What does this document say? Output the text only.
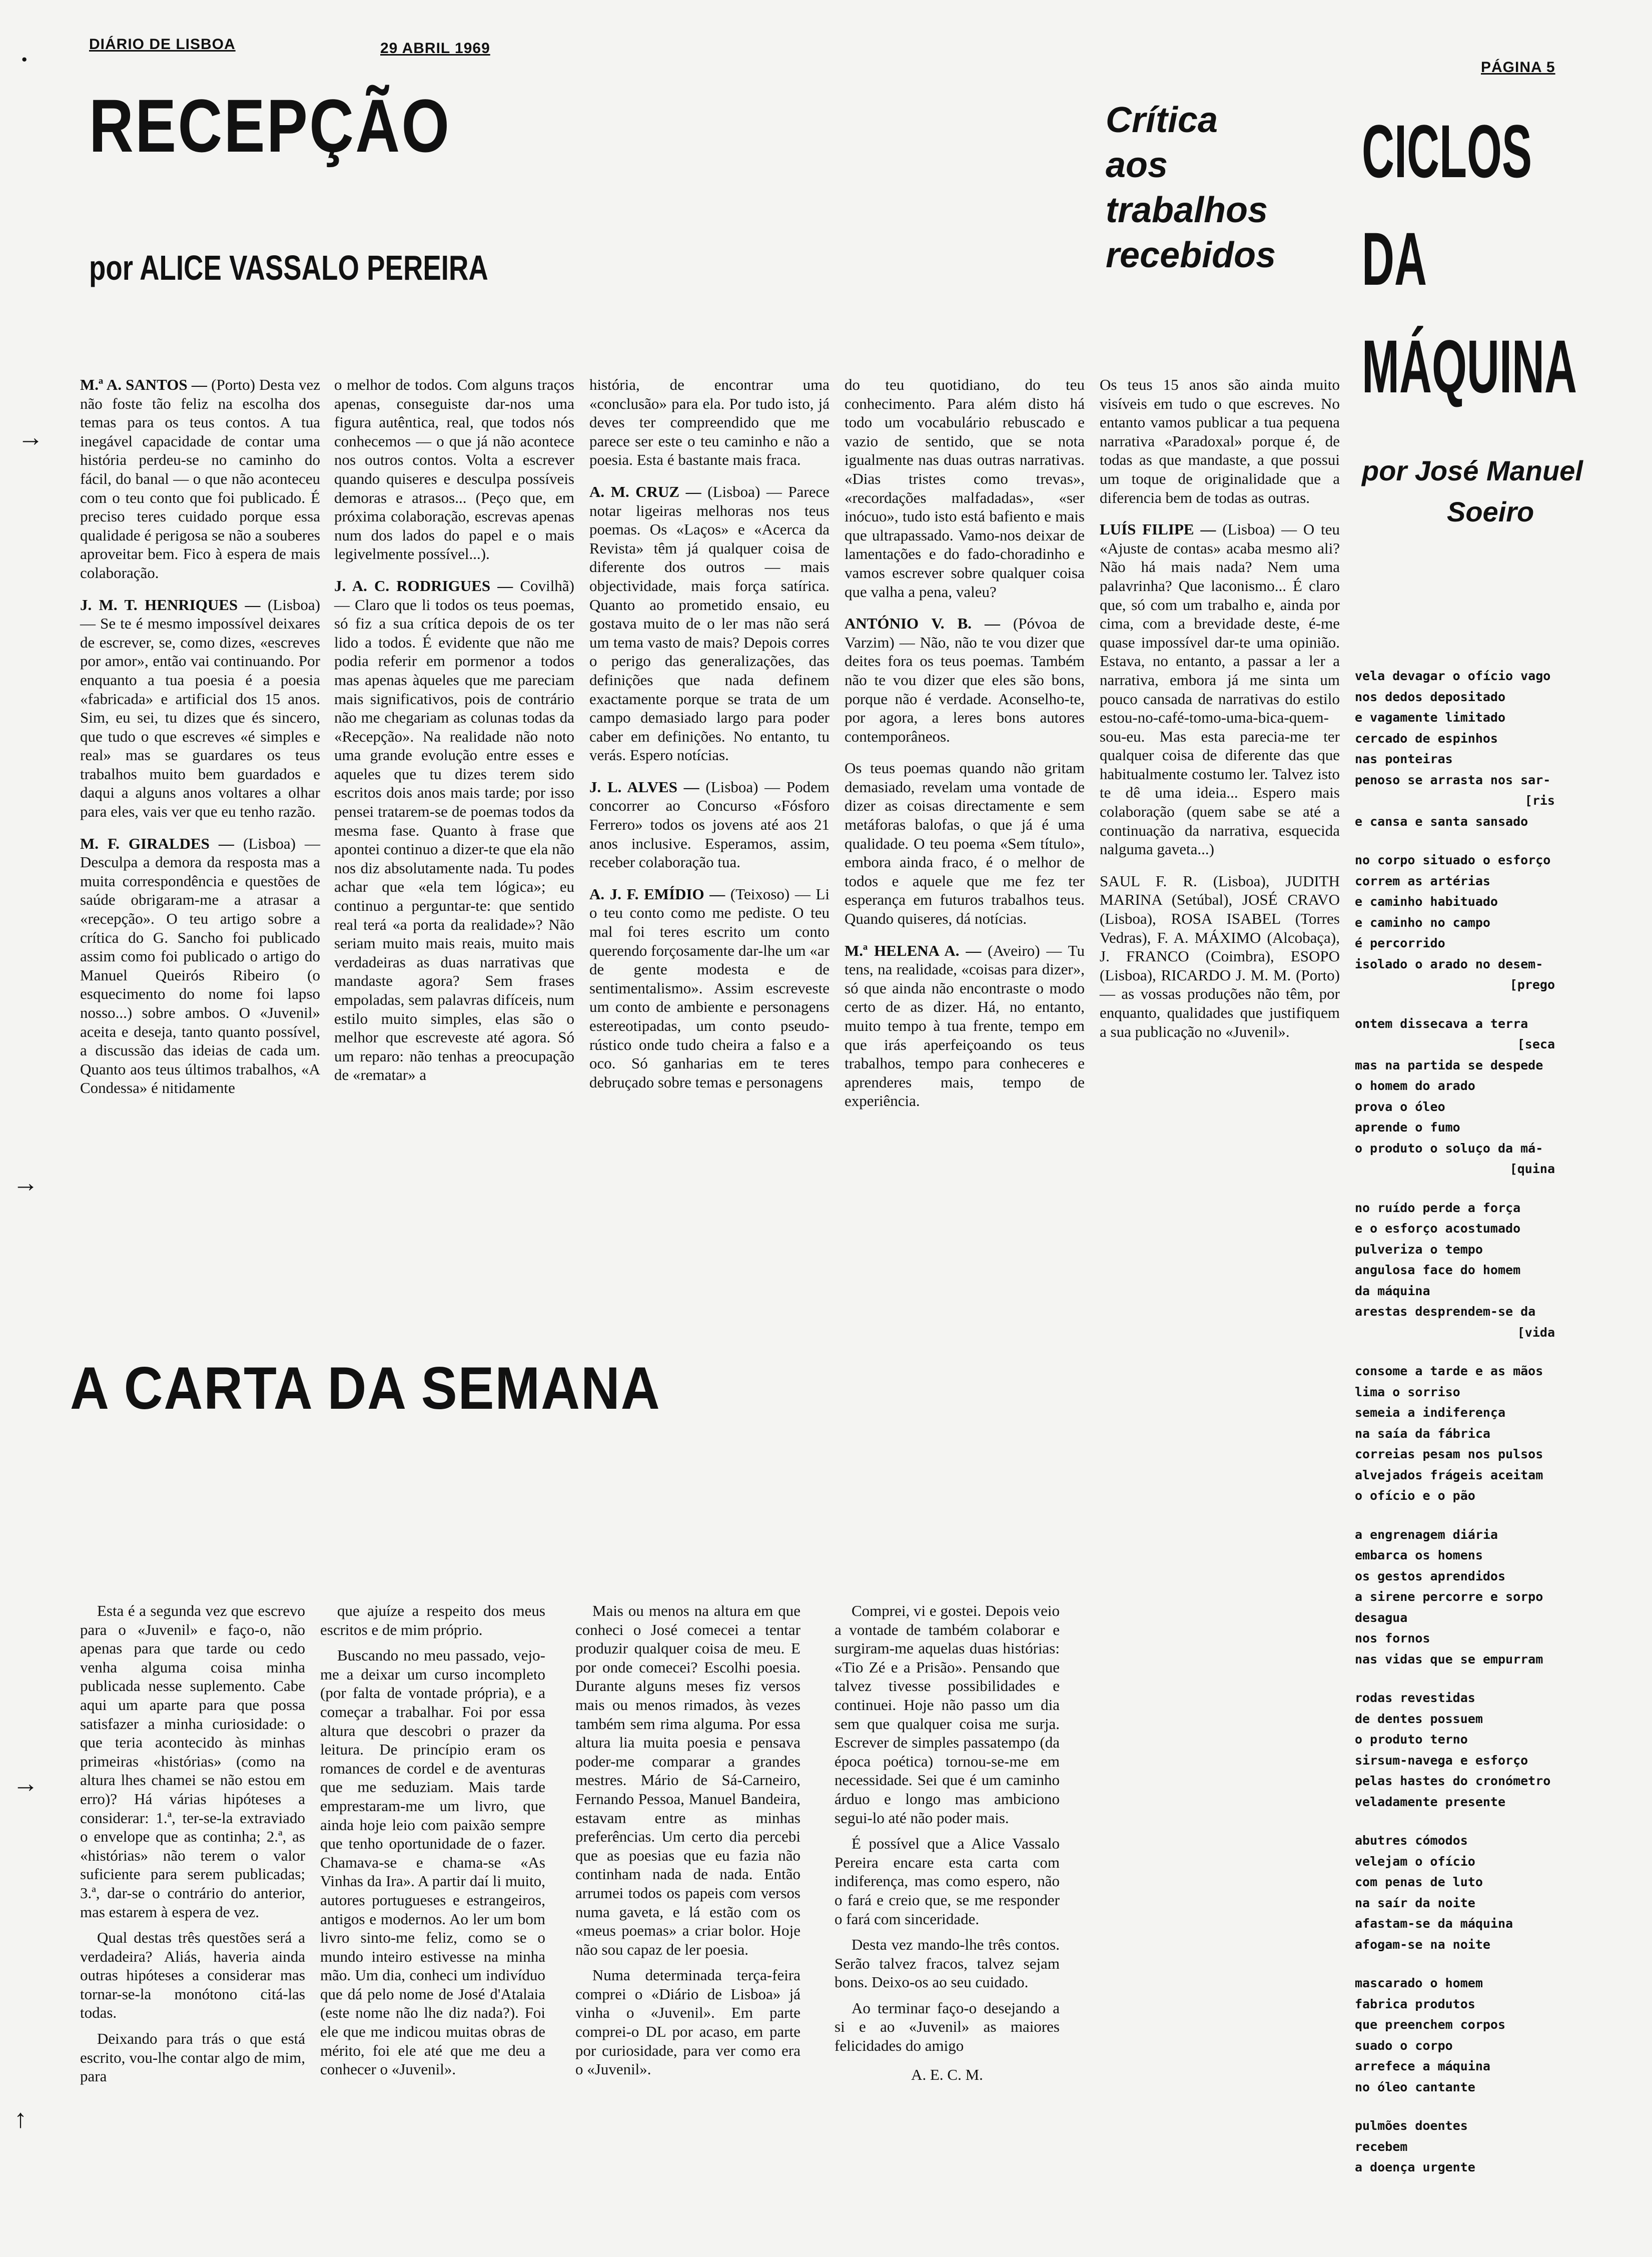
DIÁRIO DE LISBOA	29 ABRIL 1969
PÁGINA 5
·
→
→
→
↑
RECEPÇÃO
por ALICE VASSALO PEREIRA
Crítica
aos
trabalhos
recebidos
CICLOS
DA
MÁQUINA
por José Manuel
Soeiro

M.ª A. SANTOS — (Porto) Desta vez não foste tão feliz na escolha dos temas para os teus contos. A tua inegável capacidade de contar uma história perdeu-se no caminho do fácil, do banal — o que não aconteceu com o teu conto que foi publicado. É preciso teres cuidado porque essa qualidade é perigosa se não a souberes aproveitar bem. Fico à espera de mais colaboração.

J. M. T. HENRIQUES — (Lisboa) — Se te é mesmo impossível deixares de escrever, se, como dizes, «escreves por amor», então vai continuando. Por enquanto a tua poesia é a poesia «fabricada» e artificial dos 15 anos. Sim, eu sei, tu dizes que és sincero, que tudo o que escreves «é simples e real» mas se guardares os teus trabalhos muito bem guardados e daqui a alguns anos voltares a olhar para eles, vais ver que eu tenho razão.

M. F. GIRALDES — (Lisboa) — Desculpa a demora da resposta mas a muita correspondência e questões de saúde obrigaram-me a atrasar a «recepção». O teu artigo sobre a crítica do G. Sancho foi publicado assim como foi publicado o artigo do Manuel Queirós Ribeiro (o esquecimento do nome foi lapso nosso...) sobre ambos. O «Juvenil» aceita e deseja, tanto quanto possível, a discussão das ideias de cada um. Quanto aos teus últimos trabalhos, «A Condessa» é nitidamente

o melhor de todos. Com alguns traços apenas, conseguiste dar-nos uma figura autêntica, real, que todos nós conhecemos — o que já não acontece nos outros contos. Volta a escrever quando quiseres e desculpa possíveis demoras e atrasos... (Peço que, em próxima colaboração, escrevas apenas num dos lados do papel e o mais legivelmente possível...).

J. A. C. RODRIGUES — Covilhã) — Claro que li todos os teus poemas, só fiz a sua crítica depois de os ter lido a todos. É evidente que não me podia referir em pormenor a todos mas apenas àqueles que me pareciam mais significativos, pois de contrário não me chegariam as colunas todas da «Recepção». Na realidade não noto uma grande evolução entre esses e aqueles que tu dizes terem sido escritos dois anos mais tarde; por isso pensei tratarem-se de poemas todos da mesma fase. Quanto à frase que apontei continuo a dizer-te que ela não nos diz absolutamente nada. Tu podes achar que «ela tem lógica»; eu continuo a perguntar-te: que sentido real terá «a porta da realidade»? Não seriam muito mais reais, muito mais verdadeiras as duas narrativas que mandaste agora? Sem frases empoladas, sem palavras difíceis, num estilo muito simples, elas são o melhor que escreveste até agora. Só um reparo: não tenhas a preocupação de «rematar» a

história, de encontrar uma «conclusão» para ela. Por tudo isto, já deves ter compreendido que me parece ser este o teu caminho e não a poesia. Esta é bastante mais fraca.

A. M. CRUZ — (Lisboa) — Parece notar ligeiras melhoras nos teus poemas. Os «Laços» e «Acerca da Revista» têm já qualquer coisa de diferente dos outros — mais objectividade, mais força satírica. Quanto ao prometido ensaio, eu gostava muito de o ler mas não será um tema vasto de mais? Depois corres o perigo das generalizações, das definições que nada definem exactamente porque se trata de um campo demasiado largo para poder caber em definições. No entanto, tu verás. Espero notícias.

J. L. ALVES — (Lisboa) — Podem concorrer ao Concurso «Fósforo Ferrero» todos os jovens até aos 21 anos inclusive. Esperamos, assim, receber colaboração tua.

A. J. F. EMÍDIO — (Teixoso) — Li o teu conto como me pediste. O teu mal foi teres escrito um conto querendo forçosamente dar-lhe um «ar de gente modesta e de sentimentalismo». Assim escreveste um conto de ambiente e personagens estereotipadas, um conto pseudo-rústico onde tudo cheira a falso e a oco. Só ganharias em te teres debruçado sobre temas e personagens

do teu quotidiano, do teu conhecimento. Para além disto há todo um vocabulário rebuscado e vazio de sentido, que se nota igualmente nas duas outras narrativas. «Dias tristes como trevas», «recordações malfadadas», «ser inócuo», tudo isto está bafiento e mais que ultrapassado. Vamo-nos deixar de lamentações e do fado-choradinho e vamos escrever sobre qualquer coisa que valha a pena, valeu?

ANTÓNIO V. B. — (Póvoa de Varzim) — Não, não te vou dizer que deites fora os teus poemas. Também não te vou dizer que eles são bons, porque não é verdade. Aconselho-te, por agora, a leres bons autores contemporâneos.

Os teus poemas quando não gritam demasiado, revelam uma vontade de dizer as coisas directamente e sem metáforas balofas, o que já é uma qualidade. O teu poema «Sem título», embora ainda fraco, é o melhor de todos e aquele que me fez ter esperança em futuros trabalhos teus. Quando quiseres, dá notícias.

M.ª HELENA A. — (Aveiro) — Tu tens, na realidade, «coisas para dizer», só que ainda não encontraste o modo certo de as dizer. Há, no entanto, muito tempo à tua frente, tempo em que irás aperfeiçoando os teus trabalhos, tempo para conheceres e aprenderes mais, tempo de experiência.

Os teus 15 anos são ainda muito visíveis em tudo o que escreves. No entanto vamos publicar a tua pequena narrativa «Paradoxal» porque é, de todas as que mandaste, a que possui um toque de originalidade que a diferencia bem de todas as outras.

LUÍS FILIPE — (Lisboa) — O teu «Ajuste de contas» acaba mesmo ali? Não há mais nada? Nem uma palavrinha? Que laconismo... É claro que, só com um trabalho e, ainda por cima, com a brevidade deste, é-me quase impossível dar-te uma opinião. Estava, no entanto, a passar a ler a narrativa, embora já me sinta um pouco cansada de narrativas do estilo estou-no-café-tomo-uma-bica-quem-sou-eu. Mas esta parecia-me ter qualquer coisa de diferente das que habitualmente costumo ler. Talvez isto te dê uma ideia... Espero mais colaboração (quem sabe se até a continuação da narrativa, esquecida nalguma gaveta...)

SAUL F. R. (Lisboa), JUDITH MARINA (Setúbal), JOSÉ CRAVO (Lisboa), ROSA ISABEL (Torres Vedras), F. A. MÁXIMO (Alcobaça), J. FRANCO (Coimbra), ESOPO (Lisboa), RICARDO J. M. M. (Porto) — as vossas produções não têm, por enquanto, qualidades que justifiquem a sua publicação no «Juvenil».

vela devagar o ofício vago
nos dedos depositado
e vagamente limitado
cercado de espinhos
nas ponteiras
penoso se arrasta nos sar-
[ris
e cansa e santa sansado
no corpo situado o esforço
correm as artérias
e caminho habituado
e caminho no campo
é percorrido
isolado o arado no desem-
[prego
ontem dissecava a terra
[seca
mas na partida se despede
o homem do arado
prova o óleo
aprende o fumo
o produto o soluço da má-
[quina
no ruído perde a força
e o esforço acostumado
pulveriza o tempo
angulosa face do homem
da máquina
arestas desprendem-se da
[vida
consome a tarde e as mãos
lima o sorriso
semeia a indiferença
na saía da fábrica
correias pesam nos pulsos
alvejados frágeis aceitam
o ofício e o pão
a engrenagem diária
embarca os homens
os gestos aprendidos
a sirene percorre e sorpo
desagua
nos fornos
nas vidas que se empurram
rodas revestidas
de dentes possuem
o produto terno
sirsum-navega e esforço
pelas hastes do cronómetro
veladamente presente
abutres cómodos
velejam o ofício
com penas de luto
na saír da noite
afastam-se da máquina
afogam-se na noite
mascarado o homem
fabrica produtos
que preenchem corpos
suado o corpo
arrefece a máquina
no óleo cantante
pulmões doentes
recebem
a doença urgente
A CARTA DA SEMANA

Esta é a segunda vez que escrevo para o «Juvenil» e faço-o, não apenas para que tarde ou cedo venha alguma coisa minha publicada nesse suplemento. Cabe aqui um aparte para que possa satisfazer a minha curiosidade: o que teria acontecido às minhas primeiras «histórias» (como na altura lhes chamei se não estou em erro)? Há várias hipóteses a considerar: 1.ª, ter-se-la extraviado o envelope que as continha; 2.ª, as «histórias» não terem o valor suficiente para serem publicadas; 3.ª, dar-se o contrário do anterior, mas estarem à espera de vez.

Qual destas três questões será a verdadeira? Aliás, haveria ainda outras hipóteses a considerar mas tornar-se-la monótono citá-las todas.

Deixando para trás o que está escrito, vou-lhe contar algo de mim, para

que ajuíze a respeito dos meus escritos e de mim próprio.

Buscando no meu passado, vejo-me a deixar um curso incompleto (por falta de vontade própria), e a começar a trabalhar. Foi por essa altura que descobri o prazer da leitura. De princípio eram os romances de cordel e de aventuras que me seduziam. Mais tarde emprestaram-me um livro, que ainda hoje leio com paixão sempre que tenho oportunidade de o fazer. Chamava-se e chama-se «As Vinhas da Ira». A partir daí li muito, autores portugueses e estrangeiros, antigos e modernos. Ao ler um bom livro sinto-me feliz, como se o mundo inteiro estivesse na minha mão. Um dia, conheci um indivíduo que dá pelo nome de José d'Atalaia (este nome não lhe diz nada?). Foi ele que me indicou muitas obras de mérito, foi ele até que me deu a conhecer o «Juvenil».

Mais ou menos na altura em que conheci o José comecei a tentar produzir qualquer coisa de meu. E por onde comecei? Escolhi poesia. Durante alguns meses fiz versos mais ou menos rimados, às vezes também sem rima alguma. Por essa altura lia muita poesia e pensava poder-me comparar a grandes mestres. Mário de Sá-Carneiro, Fernando Pessoa, Manuel Bandeira, estavam entre as minhas preferências. Um certo dia percebi que as poesias que eu fazia não continham nada de nada. Então arrumei todos os papeis com versos numa gaveta, e lá estão com os «meus poemas» a criar bolor. Hoje não sou capaz de ler poesia.

Numa determinada terça-feira comprei o «Diário de Lisboa» já vinha o «Juvenil». Em parte comprei-o DL por acaso, em parte por curiosidade, para ver como era o «Juvenil».

Comprei, vi e gostei. Depois veio a vontade de também colaborar e surgiram-me aquelas duas histórias: «Tio Zé e a Prisão». Pensando que talvez tivesse possibilidades e continuei. Hoje não passo um dia sem que qualquer coisa me surja. Escrever de simples passatempo (da época poética) tornou-se-me em necessidade. Sei que é um caminho árduo e longo mas ambiciono segui-lo até não poder mais.

É possível que a Alice Vassalo Pereira encare esta carta com indiferença, mas como espero, não o fará e creio que, se me responder o fará com sinceridade.

Desta vez mando-lhe três contos. Serão talvez fracos, talvez sejam bons. Deixo-os ao seu cuidado.

Ao terminar faço-o desejando a si e ao «Juvenil» as maiores felicidades do amigo

A. E. C. M.
